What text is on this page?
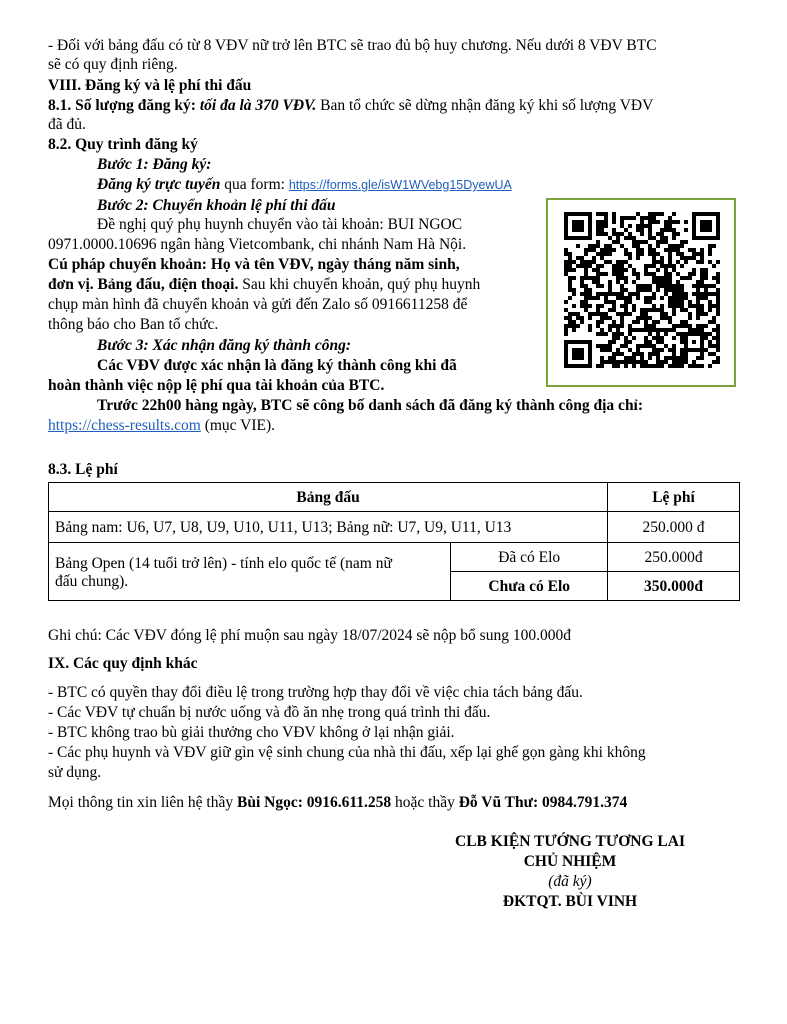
- Đối với bảng đấu có từ 8 VĐV nữ trở lên BTC sẽ trao đủ bộ huy chương. Nếu dưới 8 VĐV BTC
sẽ có quy định riêng.
VIII. Đăng ký và lệ phí thi đấu
8.1. Số lượng đăng ký: tối đa là 370 VĐV. Ban tổ chức sẽ dừng nhận đăng ký khi số lượng VĐV
đã đủ.
8.2. Quy trình đăng ký
Bước 1: Đăng ký:
Đăng ký trực tuyến qua form: https://forms.gle/isW1WVebg15DyewUA
Bước 2: Chuyển khoản lệ phí thi đấu
Đề nghị quý phụ huynh chuyển vào tài khoản: BUI NGOC
0971.0000.10696 ngân hàng Vietcombank, chi nhánh Nam Hà Nội.
Cú pháp chuyển khoản: Họ và tên VĐV, ngày tháng năm sinh,
đơn vị. Bảng đấu, điện thoại. Sau khi chuyển khoản, quý phụ huynh
chụp màn hình đã chuyển khoản và gửi đến Zalo số 0916611258 để
thông báo cho Ban tổ chức.
Bước 3: Xác nhận đăng ký thành công:
Các VĐV được xác nhận là đăng ký thành công khi đã
hoàn thành việc nộp lệ phí qua tài khoản của BTC.
Trước 22h00 hàng ngày, BTC sẽ công bố danh sách đã đăng ký thành công địa chỉ:
https://chess-results.com (mục VIE).
8.3. Lệ phí
Bảng đấu		Lệ phí
Bảng nam: U6, U7, U8, U9, U10, U11, U13; Bảng nữ: U7, U9, U11, U13		250.000 đ
Bảng Open (14 tuổi trở lên) - tính elo quốc tế (nam nữ
đấu chung).	Đã có Elo	250.000đ
	Chưa có Elo	350.000đ
Ghi chú: Các VĐV đóng lệ phí muộn sau ngày 18/07/2024 sẽ nộp bổ sung 100.000đ
IX. Các quy định khác
- BTC có quyền thay đổi điều lệ trong trường hợp thay đổi về việc chia tách bảng đấu.
- Các VĐV tự chuẩn bị nước uống và đồ ăn nhẹ trong quá trình thi đấu.
- BTC không trao bù giải thưởng cho VĐV không ở lại nhận giải.
- Các phụ huynh và VĐV giữ gìn vệ sinh chung của nhà thi đấu, xếp lại ghế gọn gàng khi không
sử dụng.
Mọi thông tin xin liên hệ thầy Bùi Ngọc: 0916.611.258 hoặc thầy Đỗ Vũ Thư: 0984.791.374
CLB KIỆN TƯỚNG TƯƠNG LAI
CHỦ NHIỆM
(đã ký)
ĐKTQT. BÙI VINH
